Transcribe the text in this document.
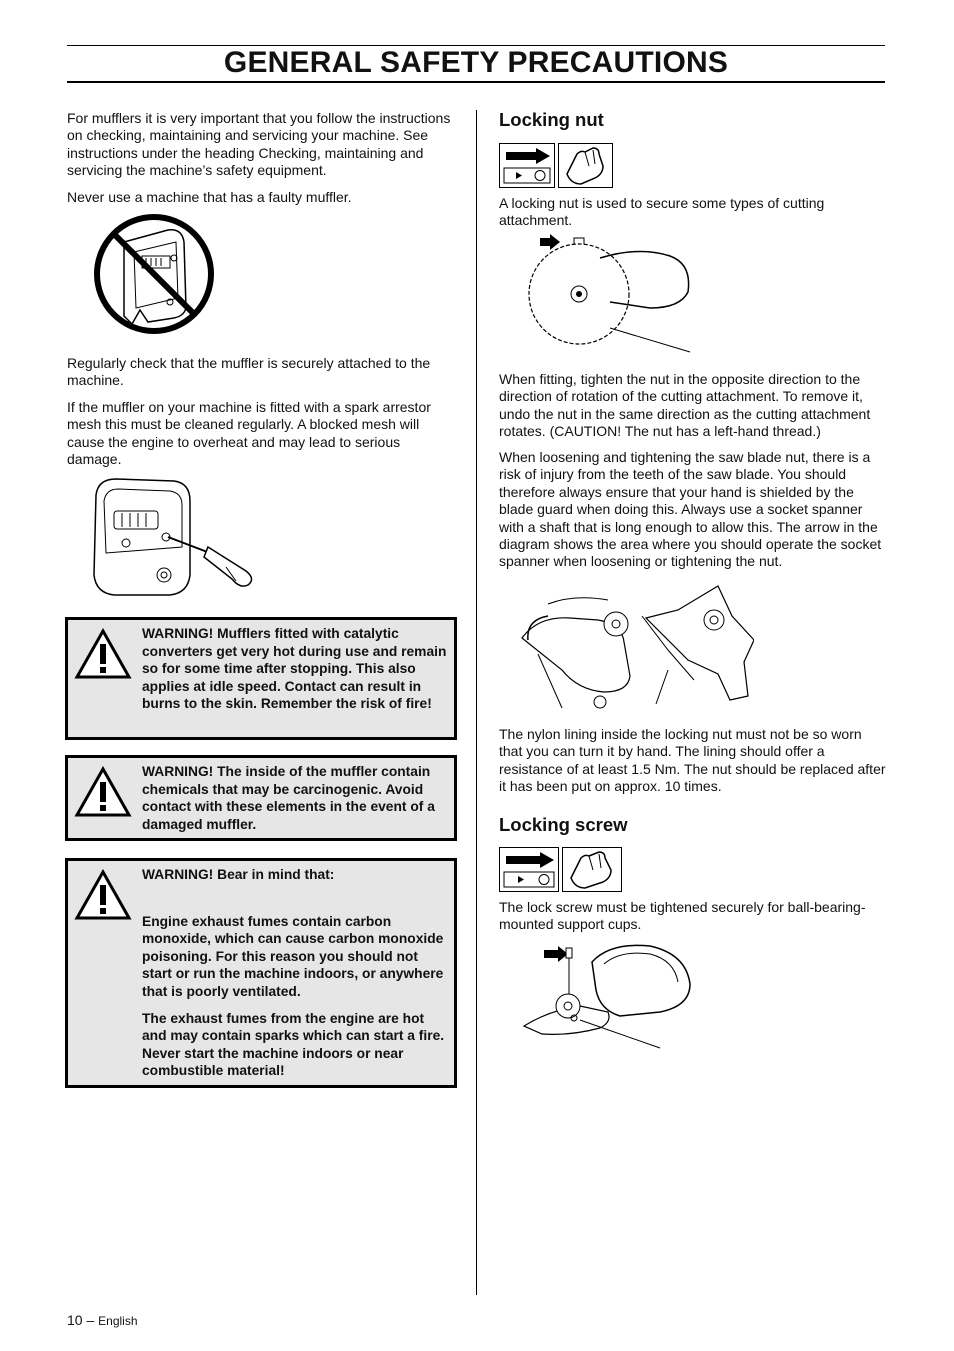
GENERAL SAFETY PRECAUTIONS

For mufflers it is very important that you follow the instructions on checking, maintaining and servicing your machine. See instructions under the heading Checking, maintaining and servicing the machine’s safety equipment.

Never use a machine that has a faulty muffler.

Regularly check that the muffler is securely attached to the machine.

If the muffler on your machine is fitted with a spark arrestor mesh this must be cleaned regularly. A blocked mesh will cause the engine to overheat and may lead to serious damage.

WARNING! Mufflers fitted with catalytic converters get very hot during use and remain so for some time after stopping. This also applies at idle speed. Contact can result in burns to the skin. Remember the risk of fire!
WARNING! The inside of the muffler contain chemicals that may be carcinogenic. Avoid contact with these elements in the event of a damaged muffler.

WARNING! Bear in mind that:

Engine exhaust fumes contain carbon monoxide, which can cause carbon monoxide poisoning. For this reason you should not start or run the machine indoors, or anywhere that is poorly ventilated.

The exhaust fumes from the engine are hot and may contain sparks which can start a fire. Never start the machine indoors or near combustible material!

Locking nut

A locking nut is used to secure some types of cutting attachment.

When fitting, tighten the nut in the opposite direction to the direction of rotation of the cutting attachment. To remove it, undo the nut in the same direction as the cutting attachment rotates. (CAUTION! The nut has a left-hand thread.)

When loosening and tightening the saw blade nut, there is a risk of injury from the teeth of the saw blade. You should therefore always ensure that your hand is shielded by the blade guard when doing this. Always use a socket spanner with a shaft that is long enough to allow this. The arrow in the diagram shows the area where you should operate the socket spanner when loosening or tightening the nut.

The nylon lining inside the locking nut must not be so worn that you can turn it by hand. The lining should offer a resistance of at least 1.5 Nm. The nut should be replaced after it has been put on approx. 10 times.

Locking screw

The lock screw must be tightened securely for ball-bearing-mounted support cups.

10 – English
